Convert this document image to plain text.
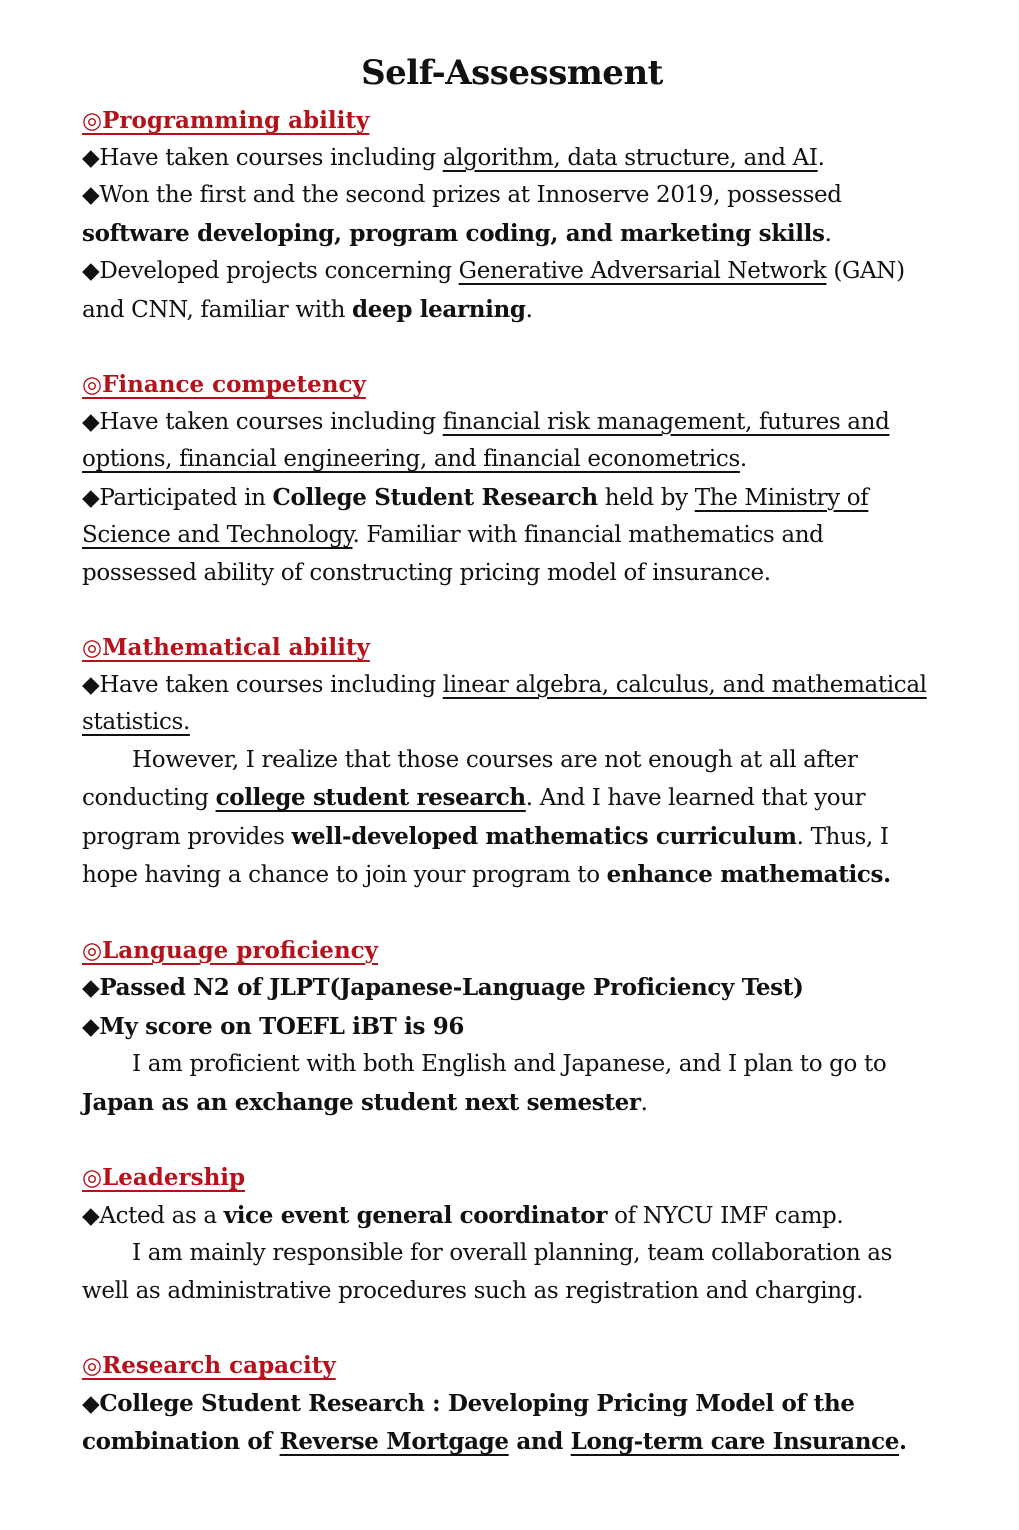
Self-Assessment
◎Programming ability

◆Have taken courses including algorithm, data structure, and AI.

◆Won the first and the second prizes at Innoserve 2019, possessed software developing, program coding, and marketing skills.

◆Developed projects concerning Generative Adversarial Network (GAN) and CNN, familiar with deep learning.

◎Finance competency

◆Have taken courses including financial risk management, futures and options, financial engineering, and financial econometrics.

◆Participated in College Student Research held by The Ministry of Science and Technology. Familiar with financial mathematics and possessed ability of constructing pricing model of insurance.

◎Mathematical ability

◆Have taken courses including linear algebra, calculus, and mathematical statistics.

However, I realize that those courses are not enough at all after conducting college student research. And I have learned that your program provides well-developed mathematics curriculum. Thus, I hope having a chance to join your program to enhance mathematics.

◎Language proficiency

◆Passed N2 of JLPT(Japanese-Language Proficiency Test)

◆My score on TOEFL iBT is 96

I am proficient with both English and Japanese, and I plan to go to Japan as an exchange student next semester.

◎Leadership

◆Acted as a vice event general coordinator of NYCU IMF camp.

I am mainly responsible for overall planning, team collaboration as well as administrative procedures such as registration and charging.

◎Research capacity

◆College Student Research : Developing Pricing Model of the combination of Reverse Mortgage and Long-term care Insurance.
